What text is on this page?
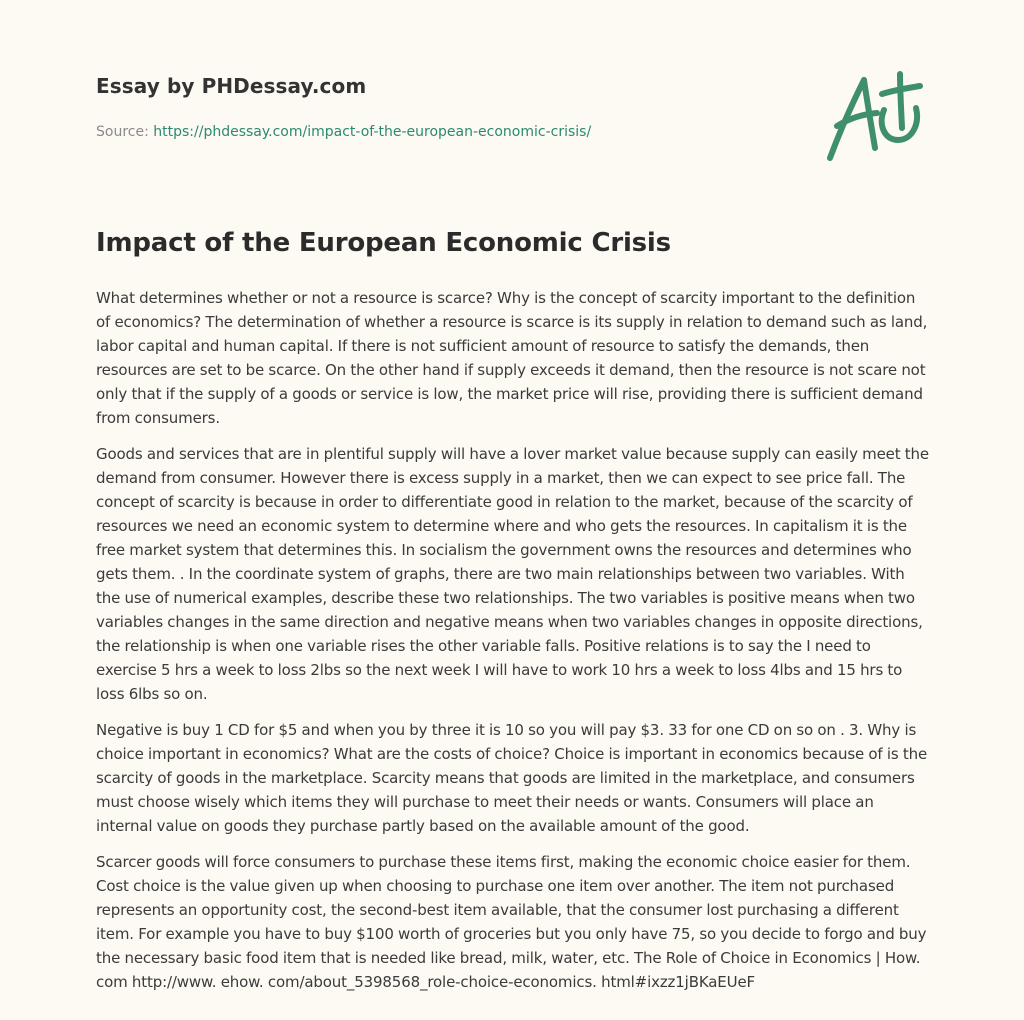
Essay by PHDessay.com
Source: https://phdessay.com/impact-of-the-european-economic-crisis/
Impact of the European Economic Crisis

What determines whether or not a resource is scarce? Why is the concept of scarcity important to the definition of economics? The determination of whether a resource is scarce is its supply in relation to demand such as land, labor capital and human capital. If there is not sufficient amount of resource to satisfy the demands, then resources are set to be scarce. On the other hand if supply exceeds it demand, then the resource is not scare not only that if the supply of a goods or service is low, the market price will rise, providing there is sufficient demand from consumers.

Goods and services that are in plentiful supply will have a lover market value because supply can easily meet the demand from consumer. However there is excess supply in a market, then we can expect to see price fall. The concept of scarcity is because in order to differentiate good in relation to the market, because of the scarcity of resources we need an economic system to determine where and who gets the resources. In capitalism it is the free market system that determines this. In socialism the government owns the resources and determines who gets them. . In the coordinate system of graphs, there are two main relationships between two variables. With the use of numerical examples, describe these two relationships. The two variables is positive means when two variables changes in the same direction and negative means when two variables changes in opposite directions, the relationship is when one variable rises the other variable falls. Positive relations is to say the I need to exercise 5 hrs a week to loss 2lbs so the next week I will have to work 10 hrs a week to loss 4lbs and 15 hrs to loss 6lbs so on.

Negative is buy 1 CD for $5 and when you by three it is 10 so you will pay $3. 33 for one CD on so on . 3. Why is choice important in economics? What are the costs of choice? Choice is important in economics because of is the scarcity of goods in the marketplace. Scarcity means that goods are limited in the marketplace, and consumers must choose wisely which items they will purchase to meet their needs or wants. Consumers will place an internal value on goods they purchase partly based on the available amount of the good.

Scarcer goods will force consumers to purchase these items first, making the economic choice easier for them. Cost choice is the value given up when choosing to purchase one item over another. The item not purchased represents an opportunity cost, the second-best item available, that the consumer lost purchasing a different item. For example you have to buy $100 worth of groceries but you only have 75, so you decide to forgo and buy the necessary basic food item that is needed like bread, milk, water, etc. The Role of Choice in Economics | How. com http://www. ehow. com/about_5398568_role-choice-economics. html#ixzz1jBKaEUeF
